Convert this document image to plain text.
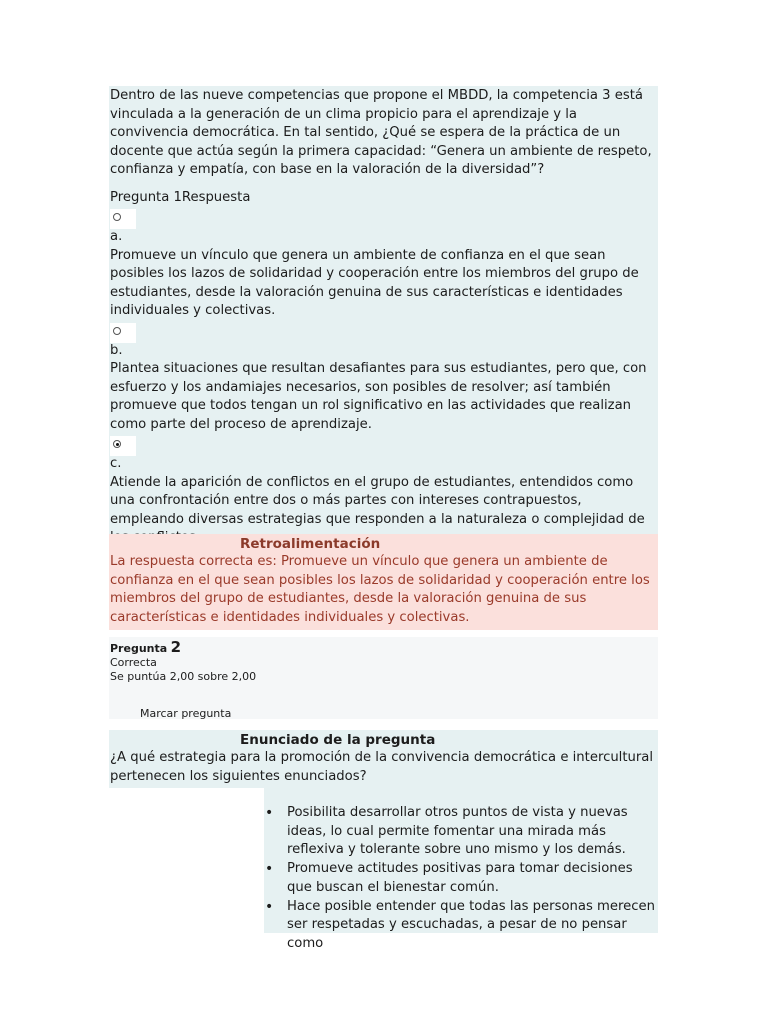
Dentro de las nueve competencias que propone el MBDD, la competencia 3 está vinculada a la generación de un clima propicio para el aprendizaje y la convivencia democrática. En tal sentido, ¿Qué se espera de la práctica de un docente que actúa según la primera capacidad: “Genera un ambiente de respeto, confianza y empatía, con base en la valoración de la diversidad”?

Pregunta 1Respuesta

a.

Promueve un vínculo que genera un ambiente de confianza en el que sean posibles los lazos de solidaridad y cooperación entre los miembros del grupo de estudiantes, desde la valoración genuina de sus características e identidades individuales y colectivas.

b.

Plantea situaciones que resultan desafiantes para sus estudiantes, pero que, con esfuerzo y los andamiajes necesarios, son posibles de resolver; así también promueve que todos tengan un rol significativo en las actividades que realizan como parte del proceso de aprendizaje.

c.

Atiende la aparición de conflictos en el grupo de estudiantes, entendidos como una confrontación entre dos o más partes con intereses contrapuestos, empleando diversas estrategias que responden a la naturaleza o complejidad de

Retroalimentación
La respuesta correcta es: Promueve un vínculo que genera un ambiente de confianza en el que sean posibles los lazos de solidaridad y cooperación entre los miembros del grupo de estudiantes, desde la valoración genuina de sus características e identidades individuales y colectivas.
Pregunta 2
Correcta
Se puntúa 2,00 sobre 2,00
Marcar pregunta
Enunciado de la pregunta
¿A qué estrategia para la promoción de la convivencia democrática e intercultural pertenecen los siguientes enunciados?
• Posibilita desarrollar otros puntos de vista y nuevas ideas, lo cual permite fomentar una mirada más reflexiva y tolerante sobre uno mismo y los demás.
• Promueve actitudes positivas para tomar decisiones que buscan el bienestar común.
• Hace posible entender que todas las personas merecen ser respetadas y escuchadas, a pesar de no pensar como
